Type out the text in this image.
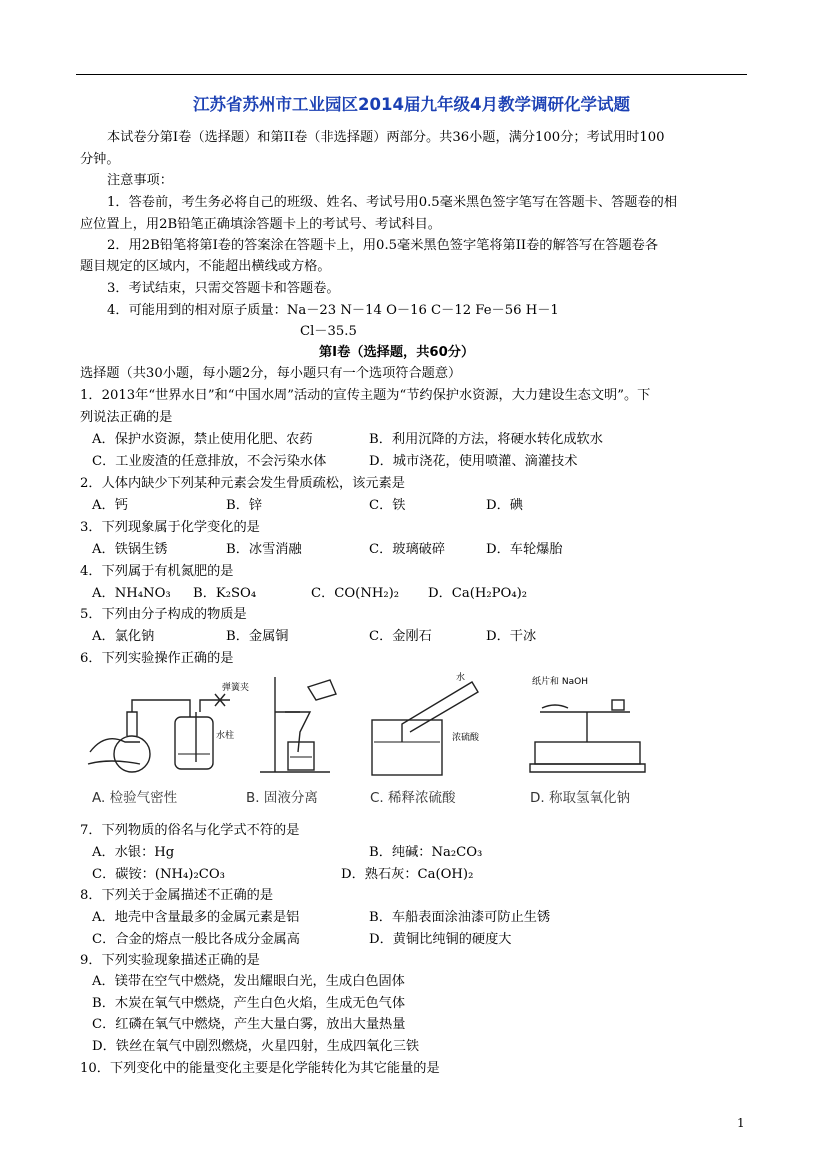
江苏省苏州市工业园区2014届九年级4月教学调研化学试题
本试卷分第Ⅰ卷（选择题）和第II卷（非选择题）两部分。共36小题，满分100分；考试用时100
分钟。
注意事项：
1．答卷前，考生务必将自己的班级、姓名、考试号用0.5毫米黑色签字笔写在答题卡、答题卷的相
应位置上，用2B铅笔正确填涂答题卡上的考试号、考试科目。
2．用2B铅笔将第Ⅰ卷的答案涂在答题卡上，用0.5毫米黑色签字笔将第II卷的解答写在答题卷各
题目规定的区域内，不能超出横线或方格。
3．考试结束，只需交答题卡和答题卷。
4．可能用到的相对原子质量：Na－23 N－14 O－16 C－12 Fe－56 H－1
Cl－35.5
第Ⅰ卷（选择题，共60分）
选择题（共30小题，每小题2分，每小题只有一个选项符合题意）
1．2013年“世界水日”和“中国水周”活动的宣传主题为“节约保护水资源，大力建设生态文明”。下
列说法正确的是
A．保护水资源，禁止使用化肥、农药	B．利用沉降的方法，将硬水转化成软水
C．工业废渣的任意排放，不会污染水体	D．城市浇花，使用喷灌、滴灌技术
2．人体内缺少下列某种元素会发生骨质疏松，该元素是
A．钙	B．锌	C．铁	D．碘
3．下列现象属于化学变化的是
A．铁锅生锈	B．冰雪消融	C．玻璃破碎	D．车轮爆胎
4．下列属于有机氮肥的是
A．NH₄NO₃ B．K₂SO₄	C．CO(NH₂)₂ D．Ca(H₂PO₄)₂
5．下列由分子构成的物质是
A．氯化钠	B．金属铜	C．金刚石	D．干冰
6．下列实验操作正确的是
弹簧夹
水柱
水
浓硫酸
纸片和 NaOH
A. 检验气密性	B. 固液分离	C. 稀释浓硫酸	D. 称取氢氧化钠
7．下列物质的俗名与化学式不符的是
A．水银：Hg	B．纯碱：Na₂CO₃
C．碳铵：(NH₄)₂CO₃	D．熟石灰：Ca(OH)₂
8．下列关于金属描述不正确的是
A．地壳中含量最多的金属元素是铝	B．车船表面涂油漆可防止生锈
C．合金的熔点一般比各成分金属高	D．黄铜比纯铜的硬度大
9．下列实验现象描述正确的是
A．镁带在空气中燃烧，发出耀眼白光，生成白色固体
B．木炭在氧气中燃烧，产生白色火焰，生成无色气体
C．红磷在氧气中燃烧，产生大量白雾，放出大量热量
D．铁丝在氧气中剧烈燃烧，火星四射，生成四氧化三铁
10．下列变化中的能量变化主要是化学能转化为其它能量的是
1
